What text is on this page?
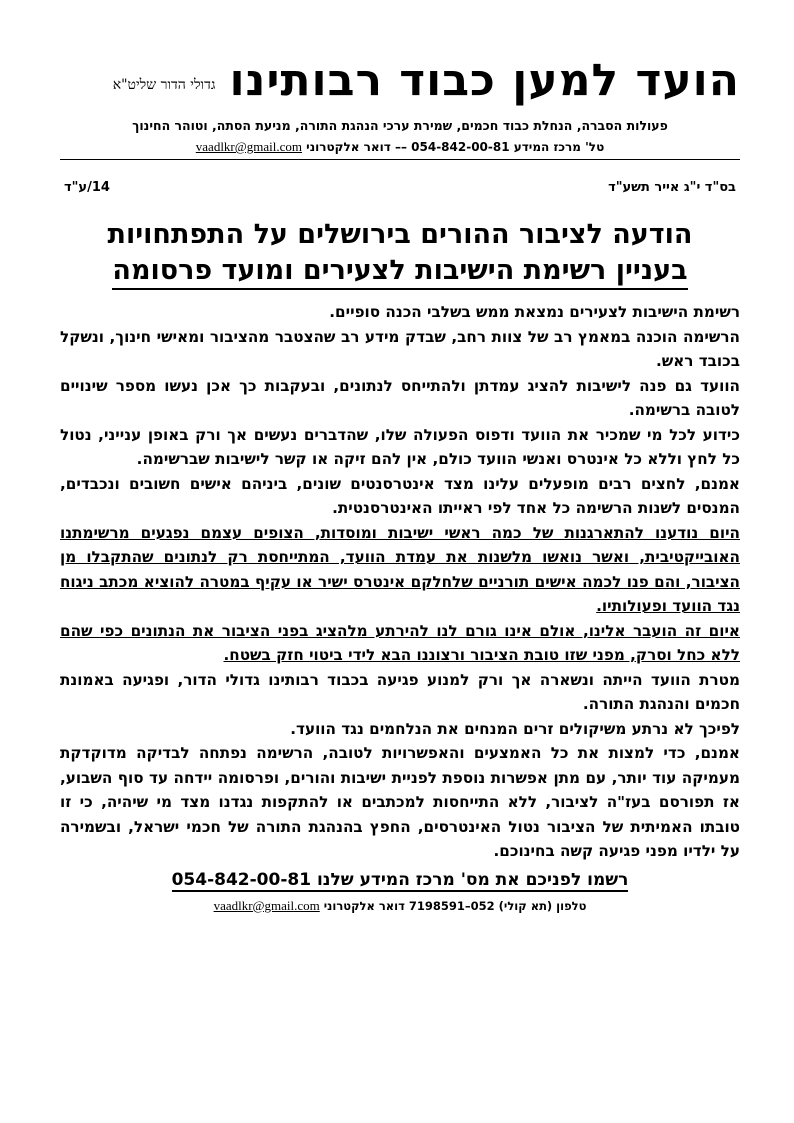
הועד למען כבוד רבותינו
גדולי הדור שליט"א
פעולות הסברה, הנחלת כבוד חכמים, שמירת ערכי הנהגת התורה, מניעת הסתה, וטוהר החינוך
טל' מרכז המידע 054-842-00-81 –– דואר אלקטרוני vaadlkr@gmail.com
בס"ד י"ג אייר תשע"ד
14/ע"ד
הודעה לציבור ההורים בירושלים על התפתחויות
בעניין רשימת הישיבות לצעירים ומועד פרסומה

רשימת הישיבות לצעירים נמצאת ממש בשלבי הכנה סופיים.

הרשימה הוכנה במאמץ רב של צוות רחב, שבדק מידע רב שהצטבר מהציבור ומאישי חינוך, ונשקל בכובד ראש.

הוועד גם פנה לישיבות להציג עמדתן ולהתייחס לנתונים, ובעקבות כך אכן נעשו מספר שינויים לטובה ברשימה.

כידוע לכל מי שמכיר את הוועד ודפוס הפעולה שלו, שהדברים נעשים אך ורק באופן ענייני, נטול כל לחץ וללא כל אינטרס ואנשי הוועד כולם, אין להם זיקה או קשר לישיבות שברשימה.

אמנם, לחצים רבים מופעלים עלינו מצד אינטרסנטים שונים, ביניהם אישים חשובים ונכבדים, המנסים לשנות הרשימה כל אחד לפי ראייתו האינטרסנטית.

היום נודענו להתארגנות של כמה ראשי ישיבות ומוסדות, הצופים עצמם נפגעים מרשימתנו האובייקטיבית, ואשר נואשו מלשנות את עמדת הוועד, המתייחסת רק לנתונים שהתקבלו מן הציבור, והם פנו לכמה אישים תורניים שלחלקם אינטרס ישיר או עקיף במטרה להוציא מכתב ניגוח נגד הוועד ופעולותיו.

איום זה הועבר אלינו, אולם אינו גורם לנו להירתע מלהציג בפני הציבור את הנתונים כפי שהם ללא כחל וסרק, מפני שזו טובת הציבור ורצוננו הבא לידי ביטוי חזק בשטח.

מטרת הוועד הייתה ונשארה אך ורק למנוע פגיעה בכבוד רבותינו גדולי הדור, ופגיעה באמונת חכמים והנהגת התורה.

לפיכך לא נרתע משיקולים זרים המנחים את הנלחמים נגד הוועד.

אמנם, כדי למצות את כל האמצעים והאפשרויות לטובה, הרשימה נפתחה לבדיקה מדוקדקת מעמיקה עוד יותר, עם מתן אפשרות נוספת לפניית ישיבות והורים, ופרסומה יידחה עד סוף השבוע, אז תפורסם בעז"ה לציבור, ללא התייחסות למכתבים או להתקפות נגדנו מצד מי שיהיה, כי זו טובתו האמיתית של הציבור נטול האינטרסים, החפץ בהנהגת התורה של חכמי ישראל, ובשמירה על ילדיו מפני פגיעה קשה בחינוכם.

רשמו לפניכם את מס' מרכז המידע שלנו 054-842-00-81
טלפון (תא קולי) 052–7198591 דואר אלקטרוני vaadlkr@gmail.com
